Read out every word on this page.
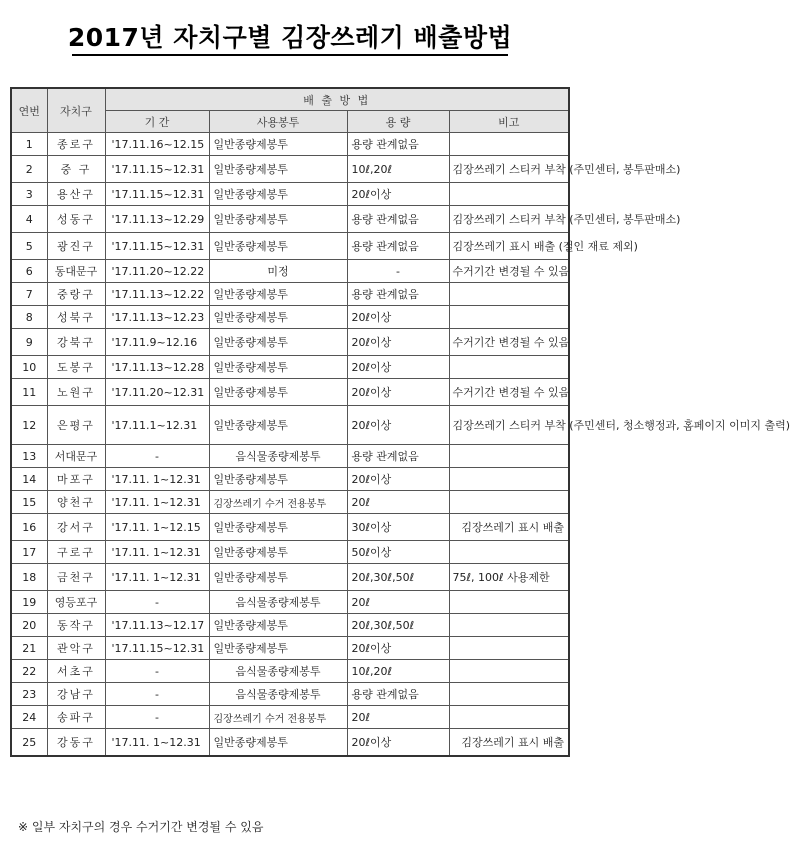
2017년 자치구별 김장쓰레기 배출방법
연번	자치구	배 출 방 법			
		기 간	사용봉투	용 량	비고
1	종로구	'17.11.16~12.15	일반종량제봉투	용량 관계없음	
2	중 구	'17.11.15~12.31	일반종량제봉투	10ℓ,20ℓ	김장쓰레기 스티커 부착 (주민센터, 봉투판매소)
3	용산구	'17.11.15~12.31	일반종량제봉투	20ℓ이상	
4	성동구	'17.11.13~12.29	일반종량제봉투	용량 관계없음	김장쓰레기 스티커 부착 (주민센터, 봉투판매소)
5	광진구	'17.11.15~12.31	일반종량제봉투	용량 관계없음	김장쓰레기 표시 배출 (절인 재료 제외)
6	동대문구	'17.11.20~12.22	미정	-	수거기간 변경될 수 있음
7	중랑구	'17.11.13~12.22	일반종량제봉투	용량 관계없음	
8	성북구	'17.11.13~12.23	일반종량제봉투	20ℓ이상	
9	강북구	'17.11.9~12.16	일반종량제봉투	20ℓ이상	수거기간 변경될 수 있음
10	도봉구	'17.11.13~12.28	일반종량제봉투	20ℓ이상	
11	노원구	'17.11.20~12.31	일반종량제봉투	20ℓ이상	수거기간 변경될 수 있음
12	은평구	'17.11.1~12.31	일반종량제봉투	20ℓ이상	김장쓰레기 스티커 부착 (주민센터, 청소행정과, 홈페이지 이미지 출력)
13	서대문구	-	음식물종량제봉투	용량 관계없음	
14	마포구	'17.11. 1~12.31	일반종량제봉투	20ℓ이상	
15	양천구	'17.11. 1~12.31	김장쓰레기 수거 전용봉투	20ℓ	
16	강서구	'17.11. 1~12.15	일반종량제봉투	30ℓ이상	김장쓰레기 표시 배출
17	구로구	'17.11. 1~12.31	일반종량제봉투	50ℓ이상	
18	금천구	'17.11. 1~12.31	일반종량제봉투	20ℓ,30ℓ,50ℓ	75ℓ, 100ℓ 사용제한
19	영등포구	-	음식물종량제봉투	20ℓ	
20	동작구	'17.11.13~12.17	일반종량제봉투	20ℓ,30ℓ,50ℓ	
21	관악구	'17.11.15~12.31	일반종량제봉투	20ℓ이상	
22	서초구	-	음식물종량제봉투	10ℓ,20ℓ	
23	강남구	-	음식물종량제봉투	용량 관계없음	
24	송파구	-	김장쓰레기 수거 전용봉투	20ℓ	
25	강동구	'17.11. 1~12.31	일반종량제봉투	20ℓ이상	김장쓰레기 표시 배출
※ 일부 자치구의 경우 수거기간 변경될 수 있음
